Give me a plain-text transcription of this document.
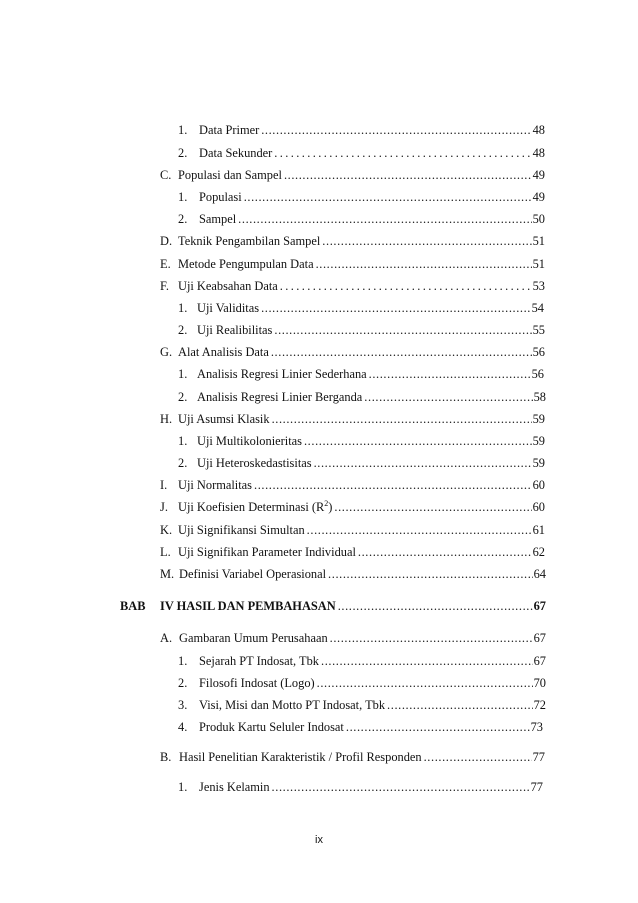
1. Data Primer .....	48
2. Data Sekunder .....	48
C. Populasi dan Sampel .....	49
1. Populasi .....	49
2. Sampel .....	50
D. Teknik Pengambilan Sampel .....	51
E. Metode Pengumpulan Data .....	51
F. Uji Keabsahan Data .....	53
1. Uji Validitas .....	54
2. Uji Realibilitas .....	55
G. Alat Analisis Data .....	56
1. Analisis Regresi Linier Sederhana .....	56
2. Analisis Regresi Linier Berganda .....	58
H. Uji Asumsi Klasik .....	59
1. Uji Multikolonieritas .....	59
2. Uji Heteroskedastisitas .....	59
I. Uji Normalitas .....	60
J. Uji Koefisien Determinasi $(R^2)$ .....	60
K. Uji Signifikansi Simultan .....	61
L. Uji Signifikan Parameter Individual .....	62
M. Definisi Variabel Operasional .....	64
BAB	IV HASIL DAN PEMBAHASAN .....	67
A. Gambaran Umum Perusahaan .....	67
1. Sejarah PT Indosat, Tbk .....	67
2. Filosofi Indosat (Logo) .....	70
3. Visi, Misi dan Motto PT Indosat, Tbk .....	72
4. Produk Kartu Seluler Indosat .....	73
B. Hasil Penelitian Karakteristik / Profil Responden .....	77
1. Jenis Kelamin .....	77
ix
